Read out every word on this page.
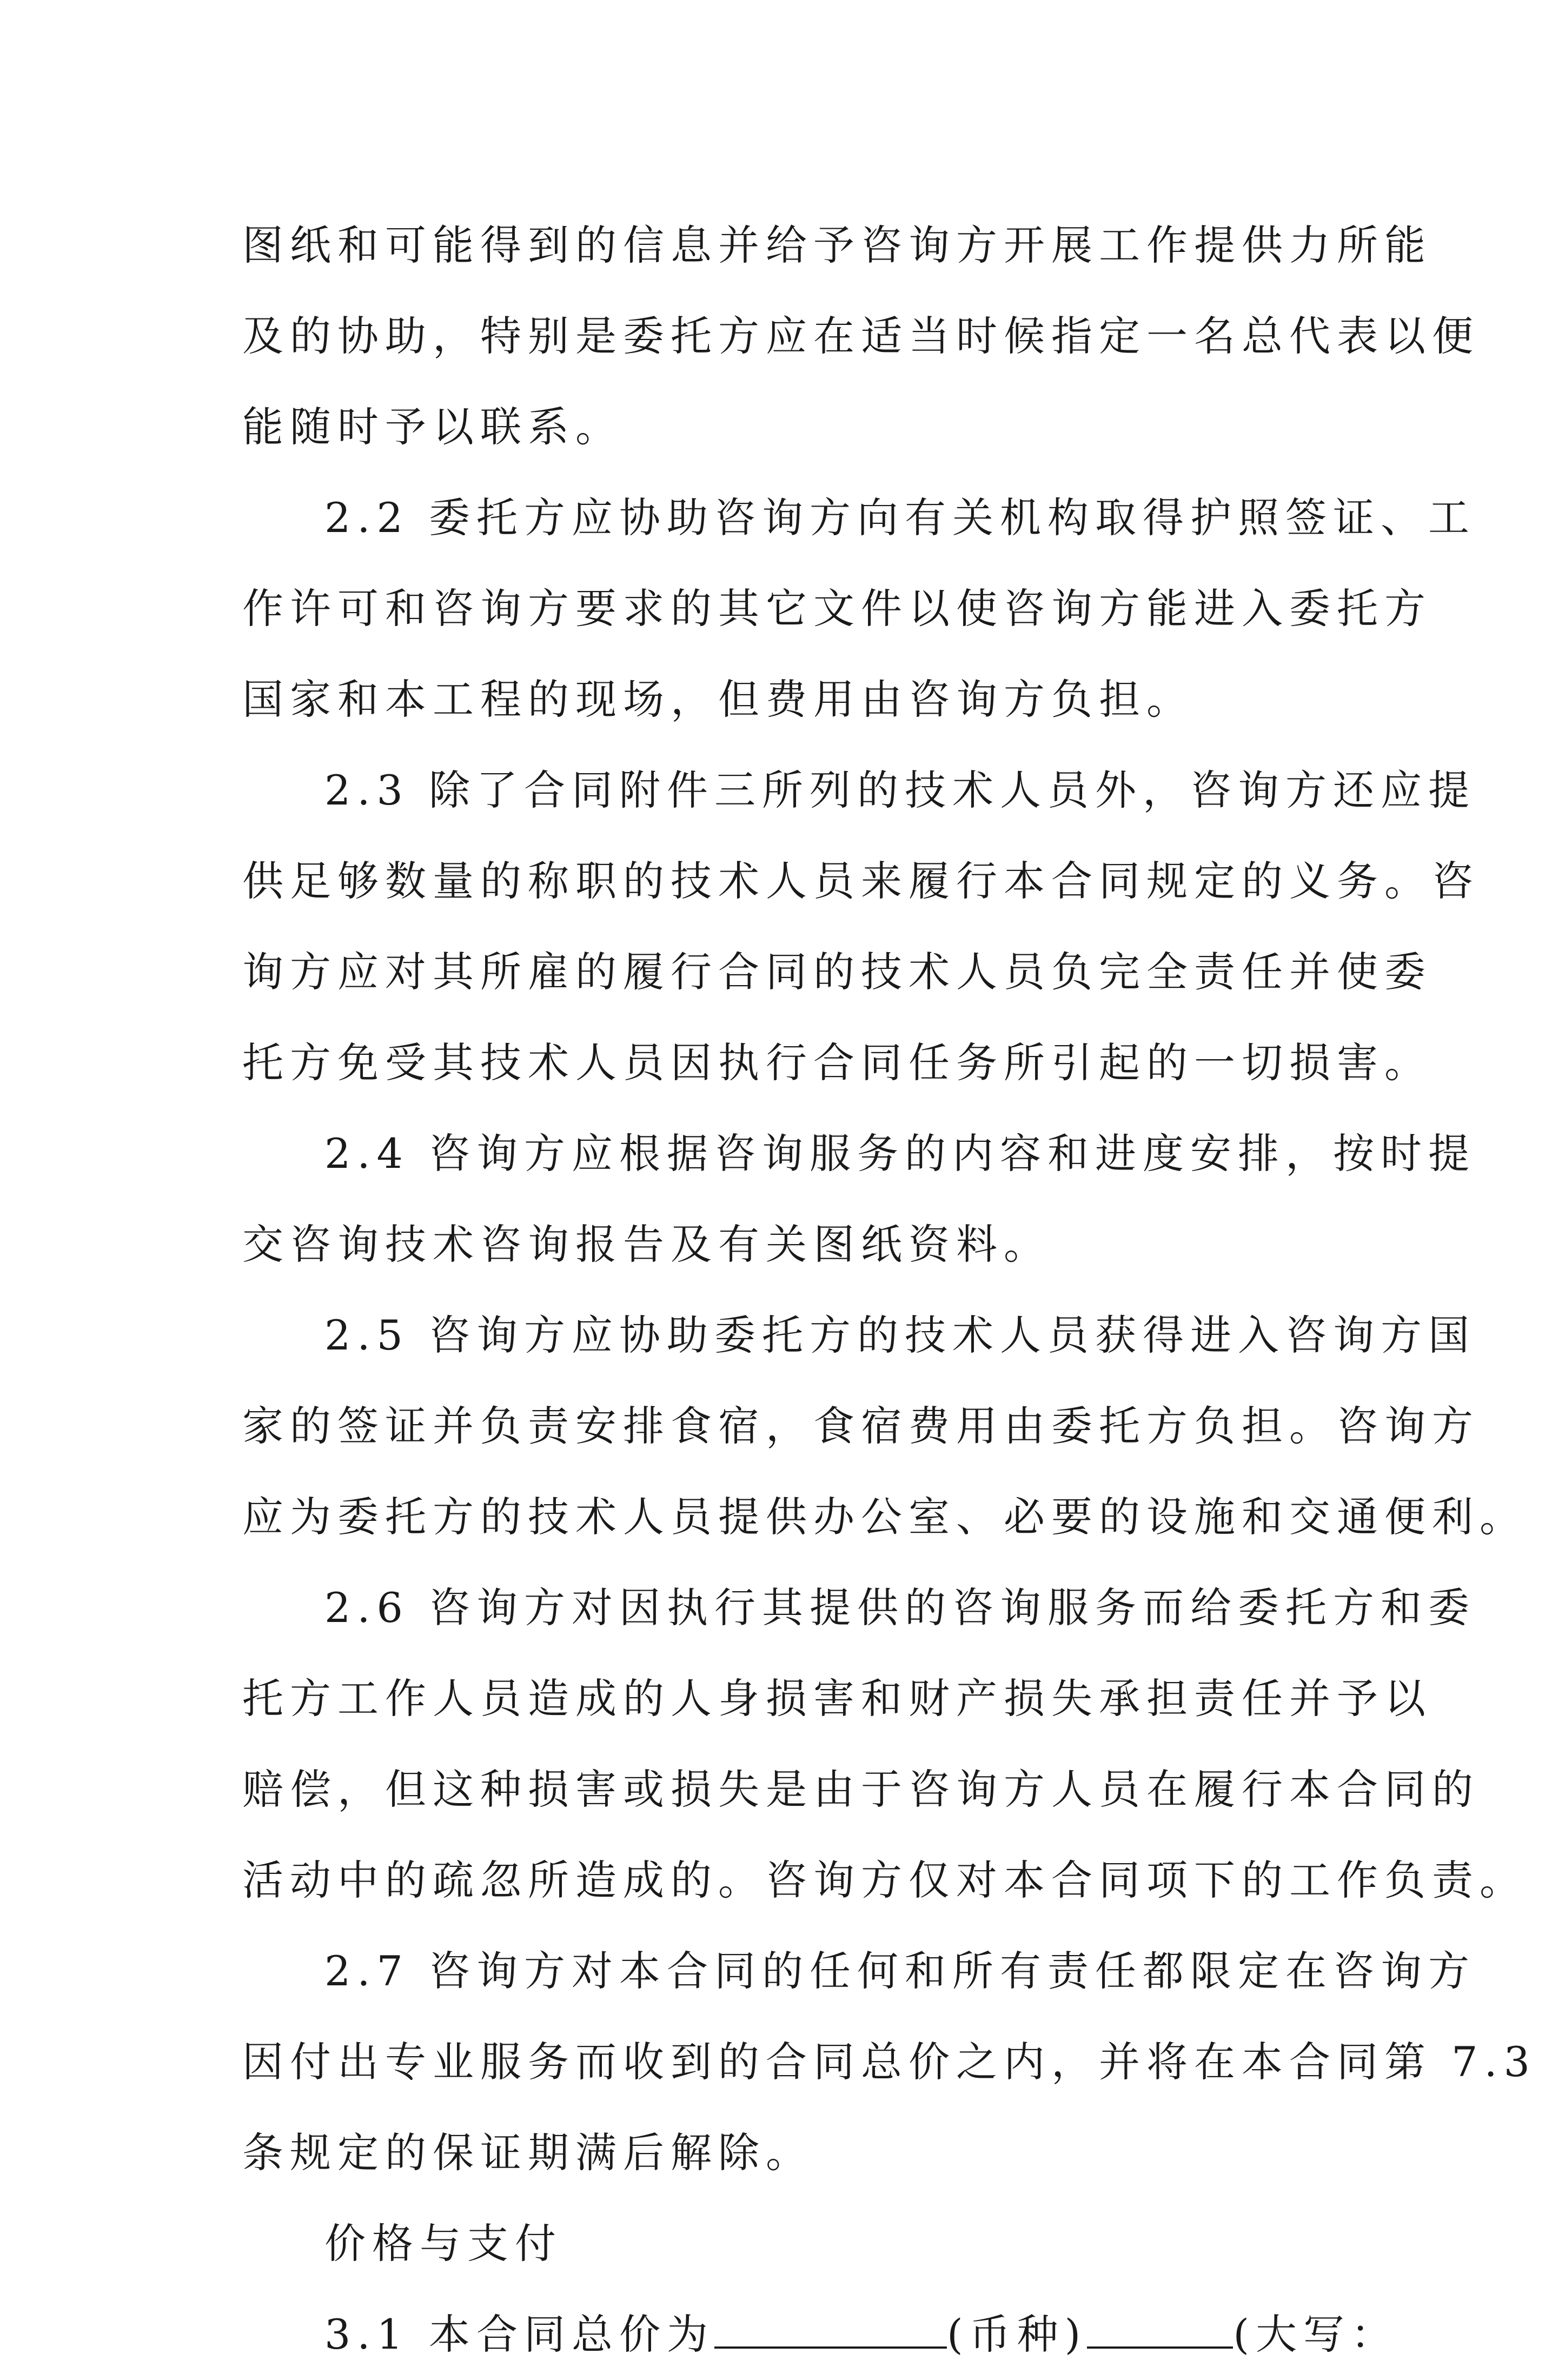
图纸和可能得到的信息并给予咨询方开展工作提供力所能
及的协助，特别是委托方应在适当时候指定一名总代表以便
能随时予以联系。
2.2 委托方应协助咨询方向有关机构取得护照签证、工
作许可和咨询方要求的其它文件以使咨询方能进入委托方
国家和本工程的现场，但费用由咨询方负担。
2.3 除了合同附件三所列的技术人员外，咨询方还应提
供足够数量的称职的技术人员来履行本合同规定的义务。咨
询方应对其所雇的履行合同的技术人员负完全责任并使委
托方免受其技术人员因执行合同任务所引起的一切损害。
2.4 咨询方应根据咨询服务的内容和进度安排，按时提
交咨询技术咨询报告及有关图纸资料。
2.5 咨询方应协助委托方的技术人员获得进入咨询方国
家的签证并负责安排食宿，食宿费用由委托方负担。咨询方
应为委托方的技术人员提供办公室、必要的设施和交通便利。
2.6 咨询方对因执行其提供的咨询服务而给委托方和委
托方工作人员造成的人身损害和财产损失承担责任并予以
赔偿，但这种损害或损失是由于咨询方人员在履行本合同的
活动中的疏忽所造成的。咨询方仅对本合同项下的工作负责。
2.7 咨询方对本合同的任何和所有责任都限定在咨询方
因付出专业服务而收到的合同总价之内，并将在本合同第 7.3
条规定的保证期满后解除。
价格与支付
3.1 本合同总价为	(币种)	(大写：
